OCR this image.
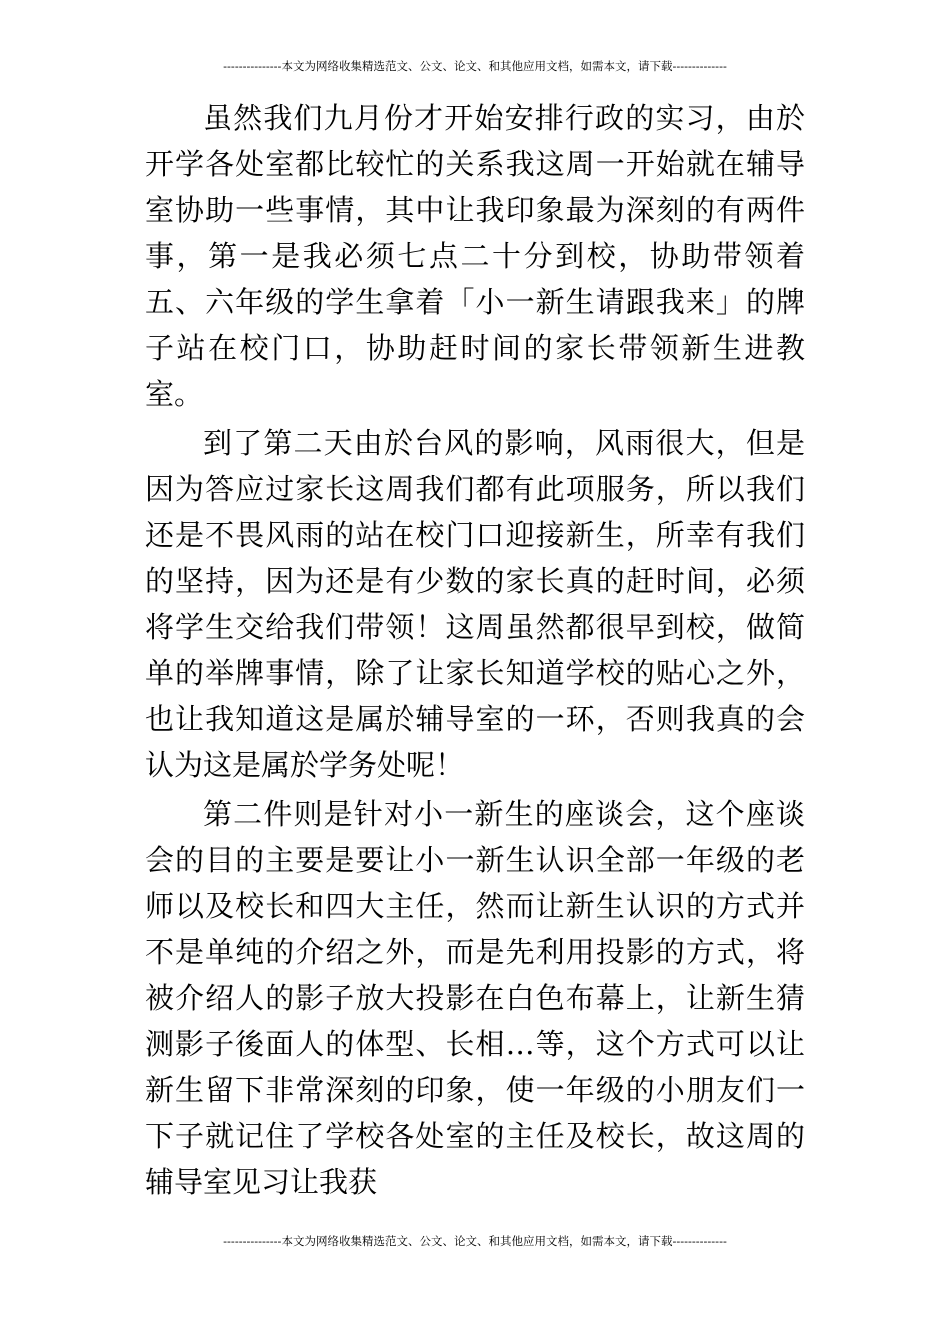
---------------本文为网络收集精选范文、公文、论文、和其他应用文档，如需本文，请下载--------------

虽然我们九月份才开始安排行政的实习，由於开学各处室都比较忙的关系我这周一开始就在辅导室协助一些事情，其中让我印象最为深刻的有两件事，第一是我必须七点二十分到校，协助带领着五、六年级的学生拿着「小一新生请跟我来」的牌子站在校门口，协助赶时间的家长带领新生进教室。

到了第二天由於台风的影响，风雨很大，但是因为答应过家长这周我们都有此项服务，所以我们还是不畏风雨的站在校门口迎接新生，所幸有我们的坚持，因为还是有少数的家长真的赶时间，必须将学生交给我们带领！这周虽然都很早到校，做简单的举牌事情，除了让家长知道学校的贴心之外，也让我知道这是属於辅导室的一环，否则我真的会认为这是属於学务处呢！

第二件则是针对小一新生的座谈会，这个座谈会的目的主要是要让小一新生认识全部一年级的老师以及校长和四大主任，然而让新生认识的方式并不是单纯的介绍之外，而是先利用投影的方式，将被介绍人的影子放大投影在白色布幕上，让新生猜测影子後面人的体型、长相…等，这个方式可以让新生留下非常深刻的印象，使一年级的小朋友们一下子就记住了学校各处室的主任及校长，故这周的辅导室见习让我获

---------------本文为网络收集精选范文、公文、论文、和其他应用文档，如需本文，请下载--------------
